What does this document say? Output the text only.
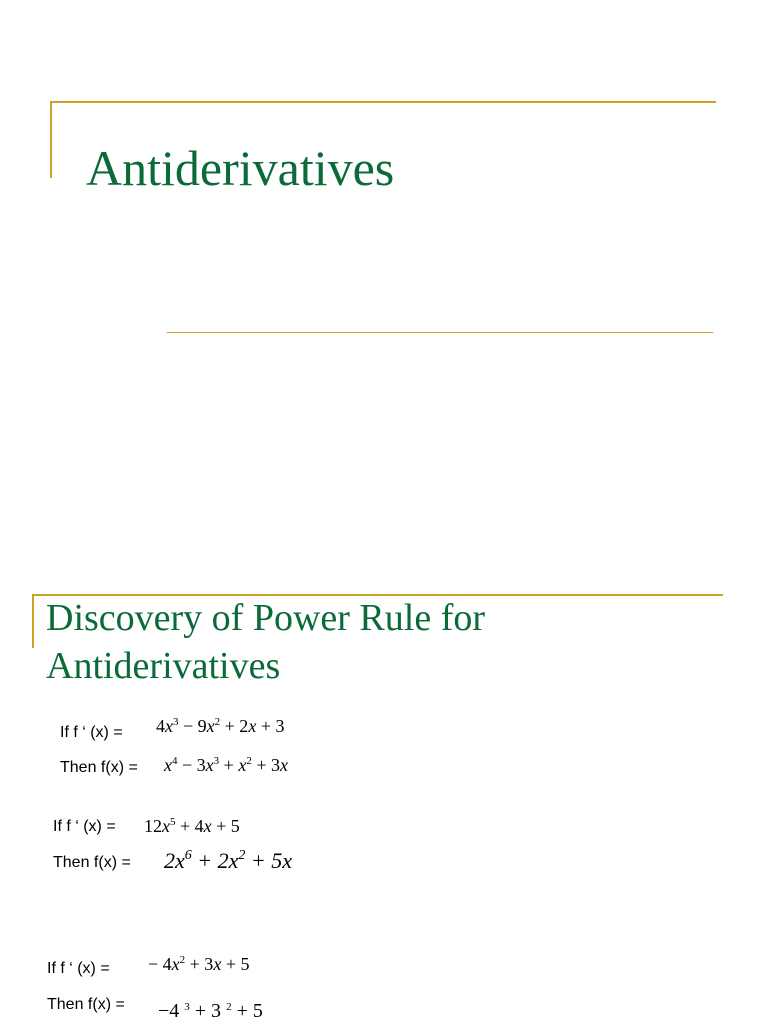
Antiderivatives
Discovery of Power Rule for
Antiderivatives
If f ‘ $(x) = 4x^3 - 9x^2 + 2x + 3$
Then $f(x) = x^4 - 3x^3 + x^2 + 3x$
If f ‘ $(x) = 12x^5 + 4x + 5$
Then $f(x) = 2x^6 + 2x^2 + 5x$
If f ‘ (x) = − $4x^2 + 3x + 5$
Then f(x) = −4 $^3$ + 3 $^2$ + 5
